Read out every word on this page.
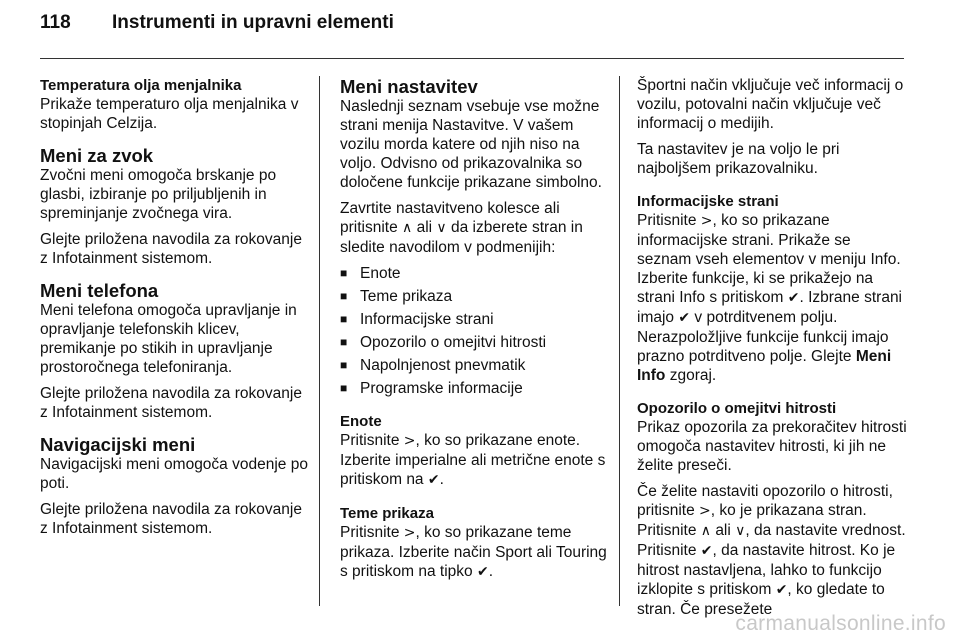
118 Instrumenti in upravni elementi

Temperatura olja menjalnika

Prikaže temperaturo olja menjalnika v stopinjah Celzija.

Meni za zvok

Zvočni meni omogoča brskanje po glasbi, izbiranje po priljubljenih in spreminjanje zvočnega vira.

Glejte priložena navodila za rokovanje z Infotainment sistemom.

Meni telefona

Meni telefona omogoča upravljanje in opravljanje telefonskih klicev, premikanje po stikih in upravljanje prostoročnega telefoniranja.

Glejte priložena navodila za rokovanje z Infotainment sistemom.

Navigacijski meni

Navigacijski meni omogoča vodenje po poti.

Glejte priložena navodila za rokovanje z Infotainment sistemom.

Meni nastavitev

Naslednji seznam vsebuje vse možne strani menija Nastavitve. V vašem vozilu morda katere od njih niso na voljo. Odvisno od prikazovalnika so določene funkcije prikazane simbolno.

Zavrtite nastavitveno kolesce ali pritisnite ∧ ali ∨ da izberete stran in sledite navodilom v podmenijih:

■ Enote
■ Teme prikaza
■ Informacijske strani
■ Opozorilo o omejitvi hitrosti
■ Napolnjenost pnevmatik
■ Programske informacije

Enote

Pritisnite >, ko so prikazane enote. Izberite imperialne ali metrične enote s pritiskom na ✔.

Teme prikaza

Pritisnite >, ko so prikazane teme prikaza. Izberite način Sport ali Touring s pritiskom na tipko ✔.

Športni način vključuje več informacij o vozilu, potovalni način vključuje več informacij o medijih.

Ta nastavitev je na voljo le pri najboljšem prikazovalniku.

Informacijske strani

Pritisnite >, ko so prikazane informacijske strani. Prikaže se seznam vseh elementov v meniju Info. Izberite funkcije, ki se prikažejo na strani Info s pritiskom ✔. Izbrane strani imajo ✔ v potrditvenem polju. Nerazpoložljive funkcije funkcij imajo prazno potrditveno polje. Glejte Meni Info zgoraj.

Opozorilo o omejitvi hitrosti

Prikaz opozorila za prekoračitev hitrosti omogoča nastavitev hitrosti, ki jih ne želite preseči.

Če želite nastaviti opozorilo o hitrosti, pritisnite >, ko je prikazana stran. Pritisnite ∧ ali ∨, da nastavite vrednost. Pritisnite ✔, da nastavite hitrost. Ko je hitrost nastavljena, lahko to funkcijo izklopite s pritiskom ✔, ko gledate to stran. Če presežete

carmanualsonline.info
